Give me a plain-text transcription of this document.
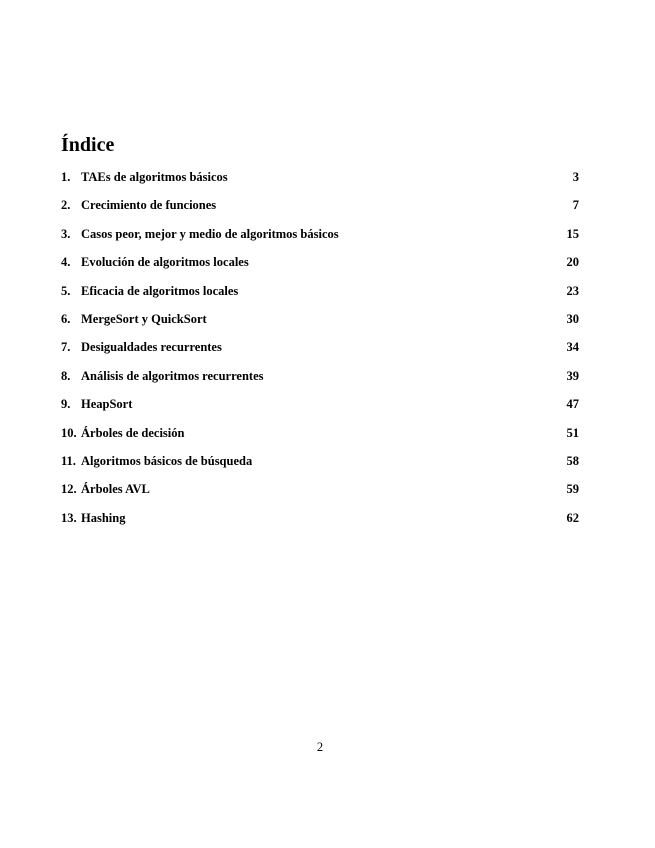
Índice
1. TAEs de algoritmos básicos	3
2. Crecimiento de funciones	7
3. Casos peor, mejor y medio de algoritmos básicos	15
4. Evolución de algoritmos locales	20
5. Eficacia de algoritmos locales	23
6. MergeSort y QuickSort	30
7. Desigualdades recurrentes	34
8. Análisis de algoritmos recurrentes	39
9. HeapSort	47
10. Árboles de decisión	51
11. Algoritmos básicos de búsqueda	58
12. Árboles AVL	59
13. Hashing	62
2
